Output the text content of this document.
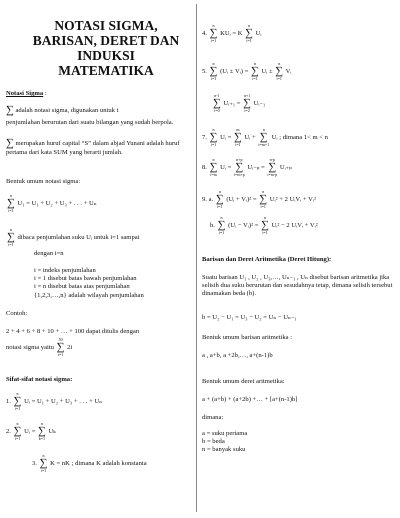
NOTASI SIGMA,
BARISAN, DERET DAN INDUKSI
MATEMATIKA
Notasi Sigma :
∑ adalah notasi sigma, digunakan untuk t
penjumlahan berurutan dari suatu bilangan yang sudah berpola.
∑ merupakan huruf capital “S” dalam abjad Yunani adalah huruf pertama dari kata SUM yang berarti jumlah.
Bentuk umum notasi sigma:
n
∑
i=1
U₁ = U₁ + U₂ + U₃ + . . . + Uₙ
n
∑
i=1
dibaca penjumlahan suku Uᵢ untuk i=1 sampai
dengan i=n
i = indeks penjumlahan
i = 1 disebut batas bawah penjumlahan
i = n disebut batas atas penjumlahan
{1,2,3,…,n} adalah wilayah penjumlahan
Contoh:
2 + 4 + 6 + 8 + 10 + … + 100 dapat ditulis dengan
notasi sigma yaitu
50
∑
i=1
2i
Sifat-sifat notasi sigma:
1.
n
∑
i=1
Uᵢ = U₁ + U₂ + U₃ + . . . + Uₙ
2.
n
∑
i=1
Uᵢ =
n
∑
k=1
Uₖ
3.
n
∑
i=1
K = nK ; dimana K adalah konstanta
4.
n
∑
i=1
KUᵢ = K
n
∑
i=1
Uᵢ
5.
n
∑
i=1
(Uᵢ ± Vᵢ) =
n
∑
i=1
Uᵢ ±
n
∑
i=1
Vᵢ
n-1
∑
i=0
Uᵢ₊₁ =
n+1
∑
i=2
Uᵢ₋₁
7.
n
∑
i=1
Uᵢ =
m
∑
i=1
Uᵢ +
n
∑
i=m+1
Uᵢ ; dimana 1< m < n
8.
n
∑
i=m
Uᵢ =
n+p
∑
i=m+p
Uᵢ₋ₚ =
n-p
∑
i=m-p
Uᵢ₊ₚ
9. a.
n
∑
i=1
(Uᵢ + Vᵢ)² =
n
∑
i=1
Uᵢ² + 2 UᵢVᵢ + Vᵢ²
b.
n
∑
i=1
(Uᵢ − Vᵢ)² =
n
∑
i=1
Uᵢ² − 2 UᵢVᵢ + Vᵢ²
Barisan dan Deret Aritmetika (Deret Hitung):
Suatu barisan U₁ , U₂ , U₃,…, Uₙ₋₁ , Uₙ disebut barisan aritmetika jika selisih dua suku berurutan dan sesudahnya tetap, dimana selisih tersebut dinamakan beda (b).
b = U₂ − U₁ = U₃ − U₂ = Uₙ − Uₙ₋₁
Bentuk umum barisan aritmetika :
a , a+b, a +2b,…, a+(n-1)b
Bentuk umum deret aritmetika:
a + (a+b) + (a+2b) +… + [a+(n-1)b]
dimana:
a = suku pertama
b = beda
n = banyak suku
